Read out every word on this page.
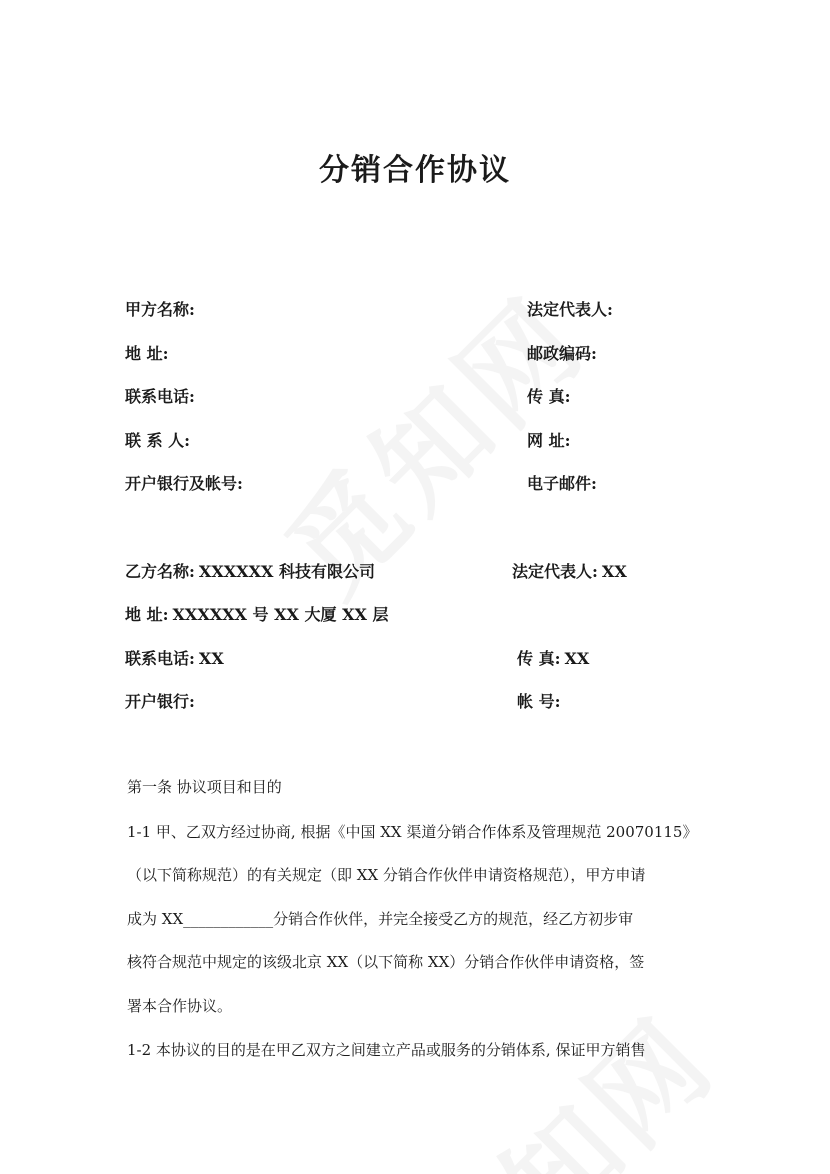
分销合作协议
甲方名称:	法定代表人:
地 址:	邮政编码:
联系电话:	传 真:
联 系 人:	网 址:
开户银行及帐号:	电子邮件:
乙方名称: XXXXXX 科技有限公司	法定代表人: XX
地 址: XXXXXX 号 XX 大厦 XX 层
联系电话: XX	传 真: XX
开户银行:	帐 号:
第一条 协议项目和目的
1-1 甲、乙双方经过协商, 根据《中国 XX 渠道分销合作体系及管理规范 20070115》
（以下简称规范）的有关规定（即 XX 分销合作伙伴申请资格规范），甲方申请
成为 XX____________分销合作伙伴，并完全接受乙方的规范，经乙方初步审
核符合规范中规定的该级北京 XX（以下简称 XX）分销合作伙伴申请资格，签
署本合作协议。
1-2 本协议的目的是在甲乙双方之间建立产品或服务的分销体系, 保证甲方销售
